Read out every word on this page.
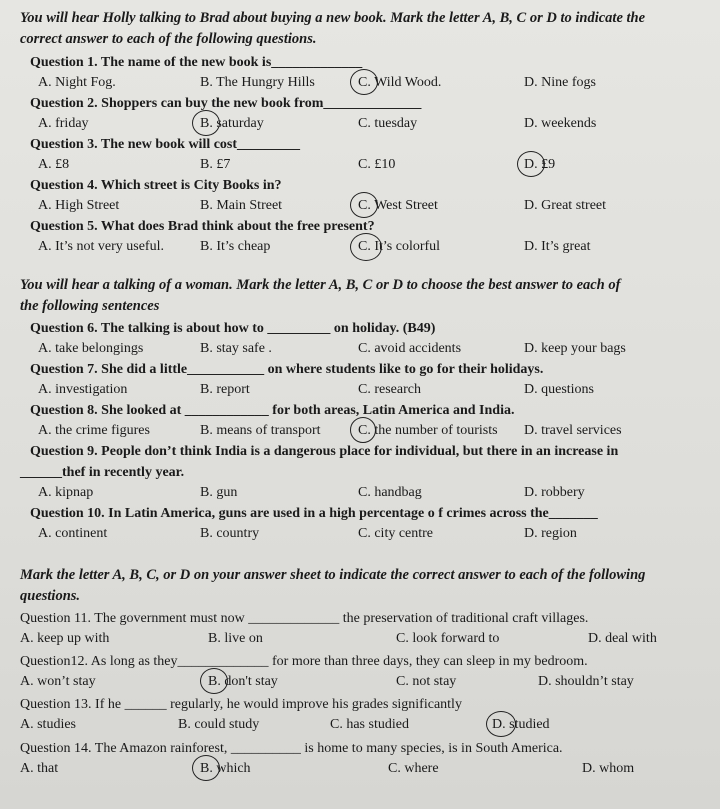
You will hear Holly talking to Brad about buying a new book. Mark the letter A, B, C or D to indicate the
correct answer to each of the following questions.
Question 1. The name of the new book is_____________
A. Night Fog.	B. The Hungry Hills	C. Wild Wood.	D. Nine fogs
Question 2. Shoppers can buy the new book from______________
A. friday	B. saturday	C. tuesday	D. weekends
Question 3. The new book will cost_________
A. £8	B. £7	C. £10	D. £9
Question 4. Which street is City Books in?
A. High Street	B. Main Street	C. West Street	D. Great street
Question 5. What does Brad think about the free present?
A. It’s not very useful.	B. It’s cheap	C. It’s colorful	D. It’s great
You will hear a talking of a woman. Mark the letter A, B, C or D to choose the best answer to each of
the following sentences
Question 6. The talking is about how to _________ on holiday. (B49)
A. take belongings	B. stay safe .	C. avoid accidents	D. keep your bags
Question 7. She did a little___________ on where students like to go for their holidays.
A. investigation	B. report	C. research	D. questions
Question 8. She looked at ____________ for both areas, Latin America and India.
A. the crime figures	B. means of transport	C. the number of tourists D. travel services
Question 9. People don’t think India is a dangerous place for individual, but there in an increase in
______thef in recently year.
A. kipnap	B. gun	C. handbag	D. robbery
Question 10. In Latin America, guns are used in a high percentage o f crimes across the_______
A. continent	B. country	C. city centre	D. region
Mark the letter A, B, C, or D on your answer sheet to indicate the correct answer to each of the following
questions.
Question 11. The government must now _____________ the preservation of traditional craft villages.
A. keep up with	B. live on	C. look forward to	D. deal with
Question12. As long as they_____________ for more than three days, they can sleep in my bedroom.
A. won’t stay	B. don't stay	C. not stay	D. shouldn’t stay
Question 13. If he ______ regularly, he would improve his grades significantly
A. studies	B. could study	C. has studied	D. studied
Question 14. The Amazon rainforest, __________ is home to many species, is in South America.
A. that	B. which	C. where	D. whom
